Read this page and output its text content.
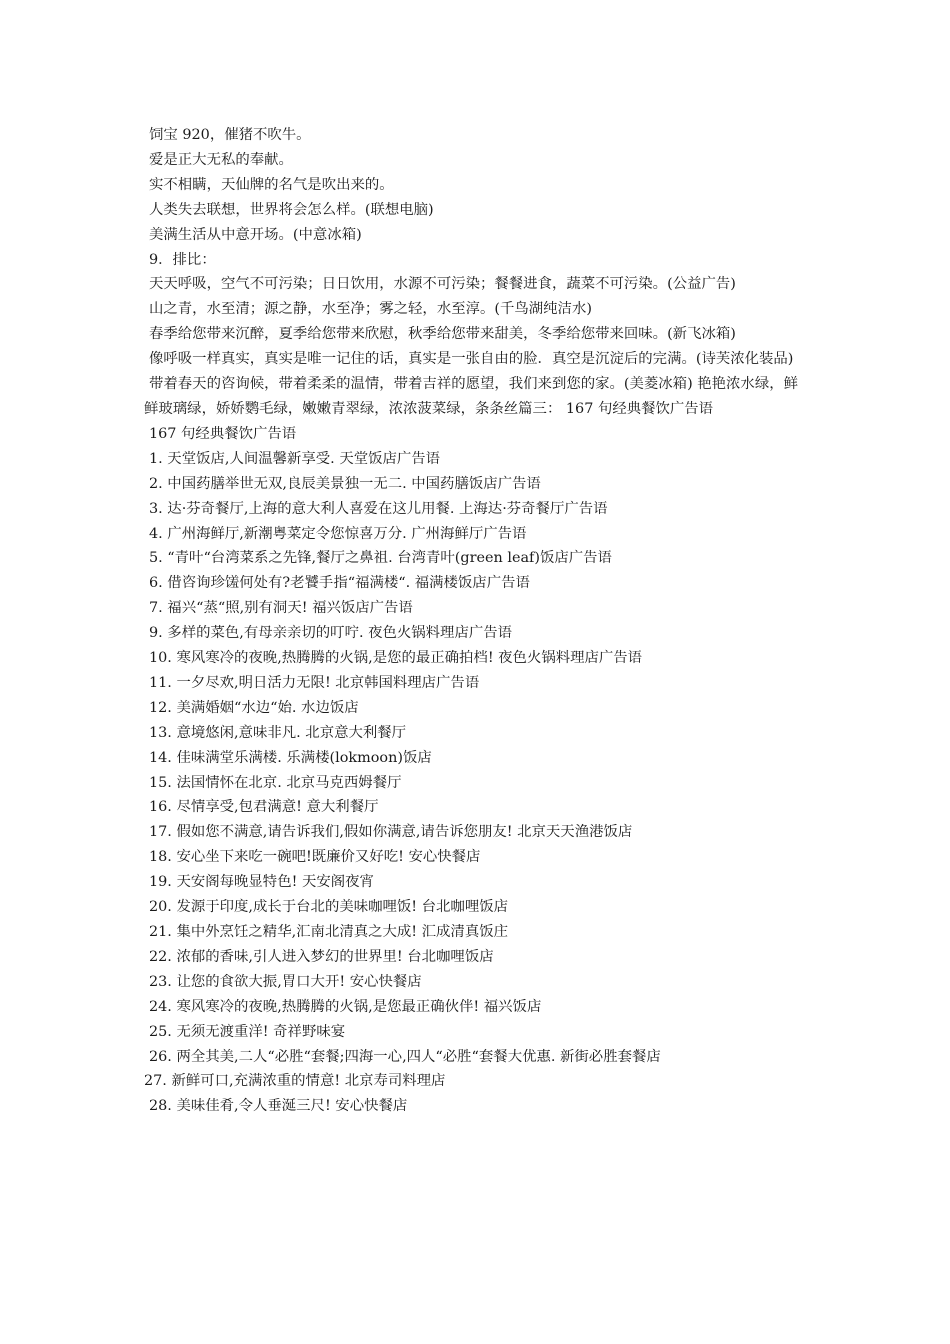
饲宝 920，催猪不吹牛。
爱是正大无私的奉献。
实不相瞒，天仙牌的名气是吹出来的。
人类失去联想，世界将会怎么样。(联想电脑)
美满生活从中意开场。(中意冰箱)
9．排比：
天天呼吸，空气不可污染；日日饮用，水源不可污染；餐餐进食，蔬菜不可污染。(公益广告)
山之青，水至清；源之静，水至净；雾之轻，水至淳。(千鸟湖纯洁水)
春季给您带来沉醉，夏季给您带来欣慰，秋季给您带来甜美，冬季给您带来回味。(新飞冰箱)
像呼吸一样真实，真实是唯一记住的话，真实是一张自由的脸．真空是沉淀后的完满。(诗芙浓化装品)
带着春天的咨询候，带着柔柔的温情，带着吉祥的愿望，我们来到您的家。(美菱冰箱) 艳艳浓水绿，鲜鲜玻璃绿，娇娇鹦毛绿，嫩嫩青翠绿，浓浓菠菜绿，条条丝篇三： 167 句经典餐饮广告语
167 句经典餐饮广告语
1. 天堂饭店,人间温馨新享受. 天堂饭店广告语
2. 中国药膳举世无双,良辰美景独一无二. 中国药膳饭店广告语
3. 达·芬奇餐厅,上海的意大利人喜爱在这儿用餐. 上海达·芬奇餐厅广告语
4. 广州海鲜厅,新潮粤菜定令您惊喜万分. 广州海鲜厅广告语
5. “青叶“台湾菜系之先锋,餐厅之鼻祖. 台湾青叶(green leaf)饭店广告语
6. 借咨询珍馐何处有?老饕手指“福满楼“. 福满楼饭店广告语
7. 福兴“蒸“照,别有洞天! 福兴饭店广告语
9. 多样的菜色,有母亲亲切的叮咛. 夜色火锅料理店广告语
10. 寒风寒冷的夜晚,热腾腾的火锅,是您的最正确拍档! 夜色火锅料理店广告语
11. 一夕尽欢,明日活力无限! 北京韩国料理店广告语
12. 美满婚姻“水边“始. 水边饭店
13. 意境悠闲,意味非凡. 北京意大利餐厅
14. 佳味满堂乐满楼. 乐满楼(lokmoon)饭店
15. 法国情怀在北京. 北京马克西姆餐厅
16. 尽情享受,包君满意! 意大利餐厅
17. 假如您不满意,请告诉我们,假如你满意,请告诉您朋友! 北京天天渔港饭店
18. 安心坐下来吃一碗吧!既廉价又好吃! 安心快餐店
19. 天安阁每晚显特色! 天安阁夜宵
20. 发源于印度,成长于台北的美味咖哩饭! 台北咖哩饭店
21. 集中外烹饪之精华,汇南北清真之大成! 汇成清真饭庄
22. 浓郁的香味,引人进入梦幻的世界里! 台北咖哩饭店
23. 让您的食欲大振,胃口大开! 安心快餐店
24. 寒风寒冷的夜晚,热腾腾的火锅,是您最正确伙伴! 福兴饭店
25. 无须无渡重洋! 奇祥野味宴
26. 两全其美,二人“必胜“套餐;四海一心,四人“必胜“套餐大优惠. 新街必胜套餐店
27. 新鲜可口,充满浓重的情意! 北京寿司料理店
28. 美味佳肴,令人垂涎三尺! 安心快餐店
